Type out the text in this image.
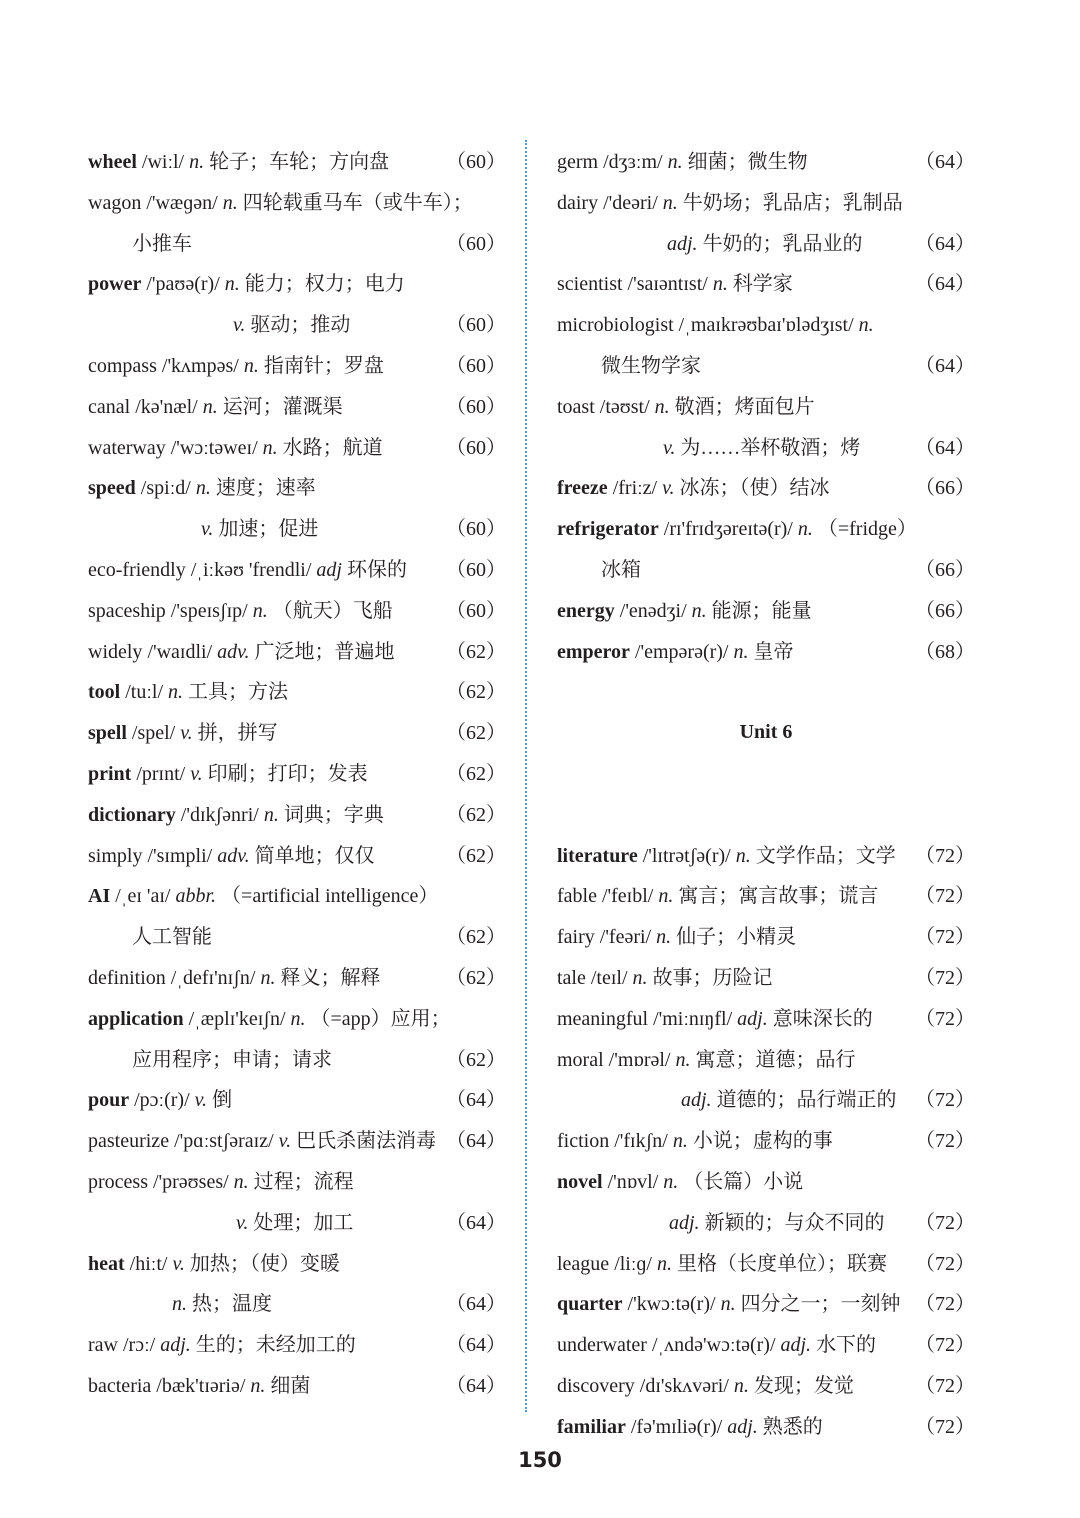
wheel /wiːl/ n. 轮子；车轮；方向盘	（60）
wagon /'wæɡən/ n. 四轮载重马车（或牛车）；
小推车	（60）
power /'paʊə(r)/ n. 能力；权力；电力
v. 驱动；推动	（60）
compass /'kʌmpəs/ n. 指南针；罗盘	（60）
canal /kə'næl/ n. 运河；灌溉渠	（60）
waterway /'wɔːtəweɪ/ n. 水路；航道	（60）
speed /spiːd/ n. 速度；速率
v. 加速；促进	（60）
eco-friendly /ˌiːkəʊ 'frendli/ adj 环保的 （60）
spaceship /'speɪsʃɪp/ n. （航天）飞船	（60）
widely /'waɪdli/ adv. 广泛地；普遍地	（62）
tool /tuːl/ n. 工具；方法	（62）
spell /spel/ v. 拼，拼写	（62）
print /prɪnt/ v. 印刷；打印；发表	（62）
dictionary /'dɪkʃənri/ n. 词典；字典	（62）
simply /'sɪmpli/ adv. 简单地；仅仅	（62）
AI /ˌeɪ 'aɪ/ abbr. （=artificial intelligence）
人工智能	（62）
definition /ˌdefɪ'nɪʃn/ n. 释义；解释	（62）
application /ˌæplɪ'keɪʃn/ n. （=app）应用；
应用程序；申请；请求	（62）
pour /pɔː(r)/ v. 倒	（64）
pasteurize /'pɑːstʃəraɪz/ v. 巴氏杀菌法消毒 （64）
process /'prəʊses/ n. 过程；流程
v. 处理；加工	（64）
heat /hiːt/ v. 加热；（使）变暖
n. 热；温度	（64）
raw /rɔː/ adj. 生的；未经加工的	（64）
bacteria /bæk'tɪəriə/ n. 细菌	（64）
Unit 6
germ /dʒɜːm/ n. 细菌；微生物	（64）
dairy /'deəri/ n. 牛奶场；乳品店；乳制品
adj. 牛奶的；乳品业的	（64）
scientist /'saɪəntɪst/ n. 科学家	（64）
microbiologist /ˌmaɪkrəʊbaɪ'ɒlədʒɪst/ n.
微生物学家	（64）
toast /təʊst/ n. 敬酒；烤面包片
v. 为……举杯敬酒；烤	（64）
freeze /friːz/ v. 冰冻；（使）结冰	（66）
refrigerator /rɪ'frɪdʒəreɪtə(r)/ n. （=fridge）
冰箱	（66）
energy /'enədʒi/ n. 能源；能量	（66）
emperor /'empərə(r)/ n. 皇帝	（68）
literature /'lɪtrətʃə(r)/ n. 文学作品；文学 （72）
fable /'feɪbl/ n. 寓言；寓言故事；谎言 （72）
fairy /'feəri/ n. 仙子；小精灵	（72）
tale /teɪl/ n. 故事；历险记	（72）
meaningful /'miːnɪŋfl/ adj. 意味深长的 （72）
moral /'mɒrəl/ n. 寓意；道德；品行
adj. 道德的；品行端正的 （72）
fiction /'fɪkʃn/ n. 小说；虚构的事	（72）
novel /'nɒvl/ n. （长篇）小说
adj. 新颖的；与众不同的 （72）
league /liːɡ/ n. 里格（长度单位）；联赛 （72）
quarter /'kwɔːtə(r)/ n. 四分之一；一刻钟 （72）
underwater /ˌʌndə'wɔːtə(r)/ adj. 水下的 （72）
discovery /dɪ'skʌvəri/ n. 发现；发觉	（72）
familiar /fə'mɪliə(r)/ adj. 熟悉的	（72）
150
